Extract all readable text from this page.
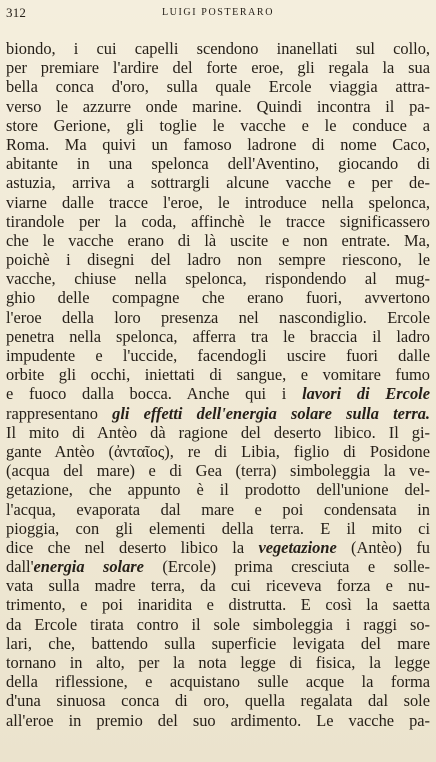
312	LUIGI POSTERARO
biondo, i cui capelli scendono inanellati sul collo,
per premiare l'ardire del forte eroe, gli regala la sua
bella conca d'oro, sulla quale Ercole viaggia attra-
verso le azzurre onde marine. Quindi incontra il pa-
store Gerione, gli toglie le vacche e le conduce a
Roma. Ma quivi un famoso ladrone di nome Caco,
abitante in una spelonca dell'Aventino, giocando di
astuzia, arriva a sottrargli alcune vacche e per de-
viarne dalle tracce l'eroe, le introduce nella spelonca,
tirandole per la coda, affinchè le tracce significassero
che le vacche erano di là uscite e non entrate. Ma,
poichè i disegni del ladro non sempre riescono, le
vacche, chiuse nella spelonca, rispondendo al mug-
ghio delle compagne che erano fuori, avvertono
l'eroe della loro presenza nel nascondiglio. Ercole
penetra nella spelonca, afferra tra le braccia il ladro
impudente e l'uccide, facendogli uscire fuori dalle
orbite gli occhi, iniettati di sangue, e vomitare fumo
e fuoco dalla bocca. Anche qui i lavori di Ercole
rappresentano gli effetti dell'energia solare sulla terra.
Il mito di Antèo dà ragione del deserto libico. Il gi-
gante Antèo (ἀνταῖος), re di Libia, figlio di Posidone
(acqua del mare) e di Gea (terra) simboleggia la ve-
getazione, che appunto è il prodotto dell'unione del-
l'acqua, evaporata dal mare e poi condensata in
pioggia, con gli elementi della terra. E il mito ci
dice che nel deserto libico la vegetazione (Antèo) fu
dall'energia solare (Ercole) prima cresciuta e solle-
vata sulla madre terra, da cui riceveva forza e nu-
trimento, e poi inaridita e distrutta. E così la saetta
da Ercole tirata contro il sole simboleggia i raggi so-
lari, che, battendo sulla superficie levigata del mare
tornano in alto, per la nota legge di fisica, la legge
della riflessione, e acquistano sulle acque la forma
d'una sinuosa conca di oro, quella regalata dal sole
all'eroe in premio del suo ardimento. Le vacche pa-
